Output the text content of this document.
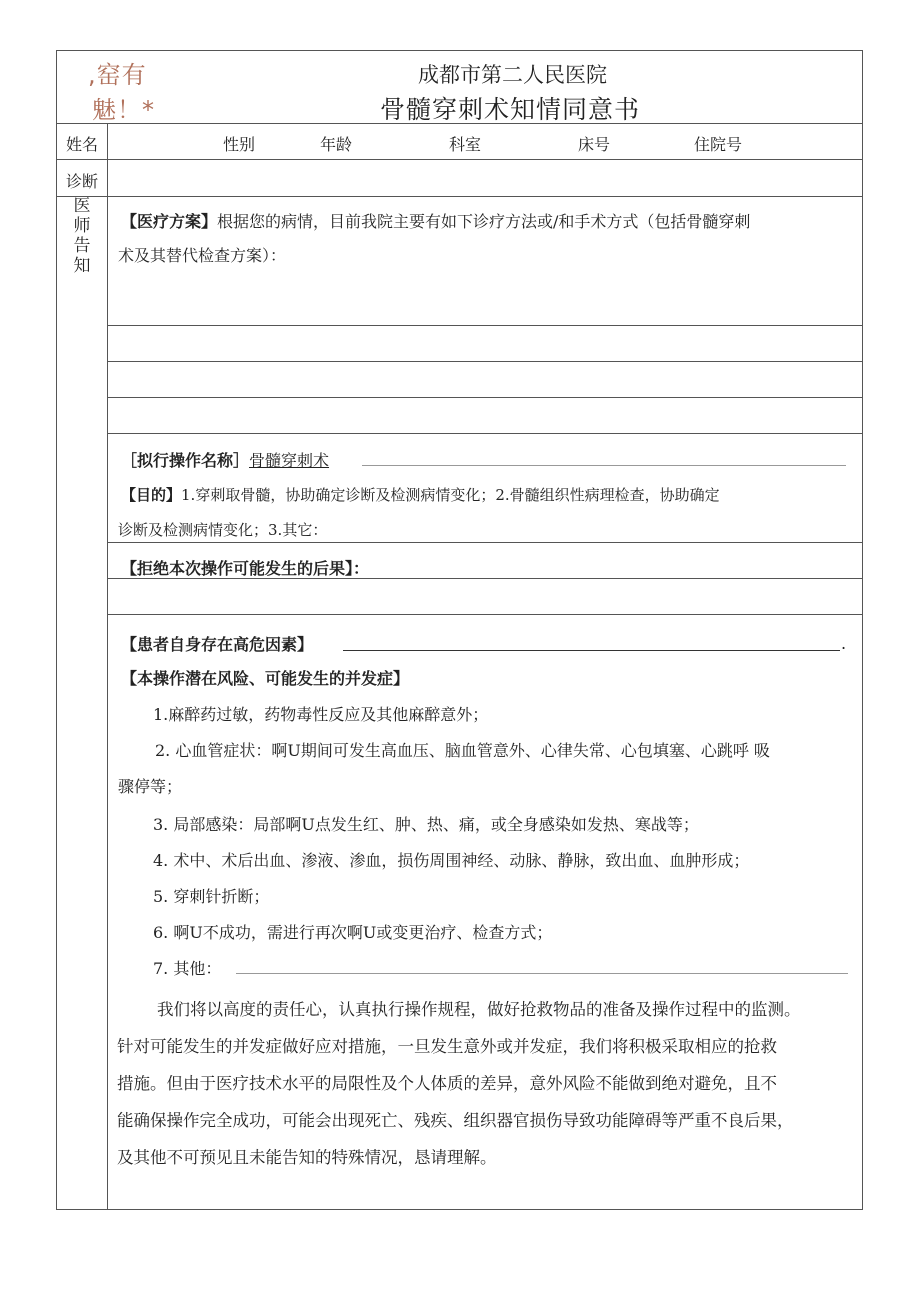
,窑有
魅！*
成都市第二人民医院
骨髓穿刺术知情同意书
姓名	性别	年龄	科室	床号	住院号
诊断
医师告知
【医疗方案】根据您的病情，目前我院主要有如下诊疗方法或/和手术方式（包括骨髓穿刺
术及其替代检查方案）：
［拟行操作名称］骨髓穿刺术
【目的】1.穿刺取骨髓，协助确定诊断及检测病情变化；2.骨髓组织性病理检查，协助确定
诊断及检测病情变化；3.其它：
【拒绝本次操作可能发生的后果】：
【患者自身存在高危因素】	.
【本操作潜在风险、可能发生的并发症】
1.麻醉药过敏，药物毒性反应及其他麻醉意外；
2. 心血管症状：啊U期间可发生高血压、脑血管意外、心律失常、心包填塞、心跳呼 吸
骤停等；
3. 局部感染：局部啊U点发生红、肿、热、痛，或全身感染如发热、寒战等；
4. 术中、术后出血、渗液、渗血，损伤周围神经、动脉、静脉，致出血、血肿形成；
5. 穿刺针折断；
6. 啊U不成功，需进行再次啊U或变更治疗、检查方式；
7. 其他：
我们将以高度的责任心，认真执行操作规程，做好抢救物品的准备及操作过程中的监测。
针对可能发生的并发症做好应对措施，一旦发生意外或并发症，我们将积极采取相应的抢救
措施。但由于医疗技术水平的局限性及个人体质的差异，意外风险不能做到绝对避免，且不
能确保操作完全成功，可能会出现死亡、残疾、组织器官损伤导致功能障碍等严重不良后果，
及其他不可预见且未能告知的特殊情况，恳请理解。
